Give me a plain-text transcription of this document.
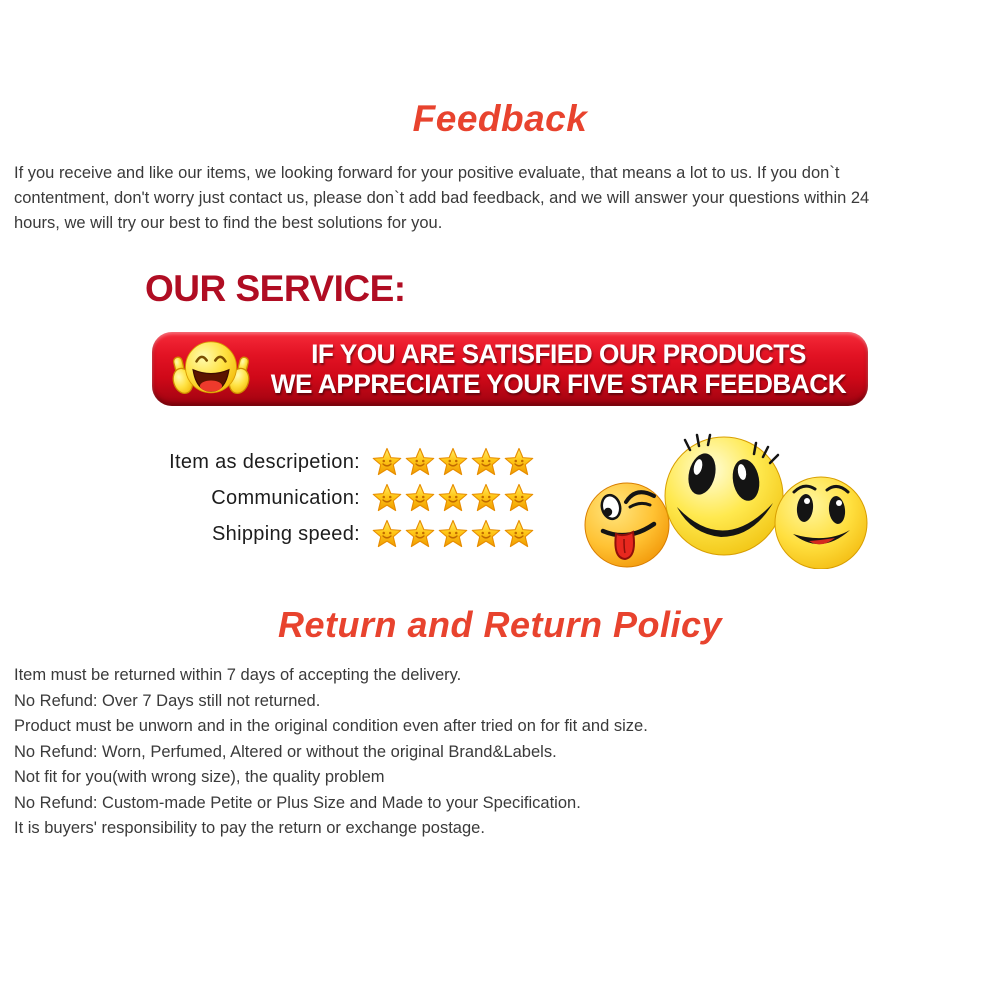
Feedback
If you receive and like our items, we looking forward for your positive evaluate, that means a lot to us. If you don`t
contentment, don't worry just contact us, please don`t add bad feedback, and we will answer your questions within 24
hours, we will try our best to find the best solutions for you.
OUR SERVICE:
IF YOU ARE SATISFIED OUR PRODUCTS
WE APPRECIATE YOUR FIVE STAR FEEDBACK
Item as descripetion:
Communication:
Shipping speed:
Return and Return Policy
Item must be returned within 7 days of accepting the delivery.
No Refund: Over 7 Days still not returned.
Product must be unworn and in the original condition even after tried on for fit and size.
No Refund: Worn, Perfumed, Altered or without the original Brand&Labels.
Not fit for you(with wrong size), the quality problem
No Refund: Custom-made Petite or Plus Size and Made to your Specification.
It is buyers' responsibility to pay the return or exchange postage.
